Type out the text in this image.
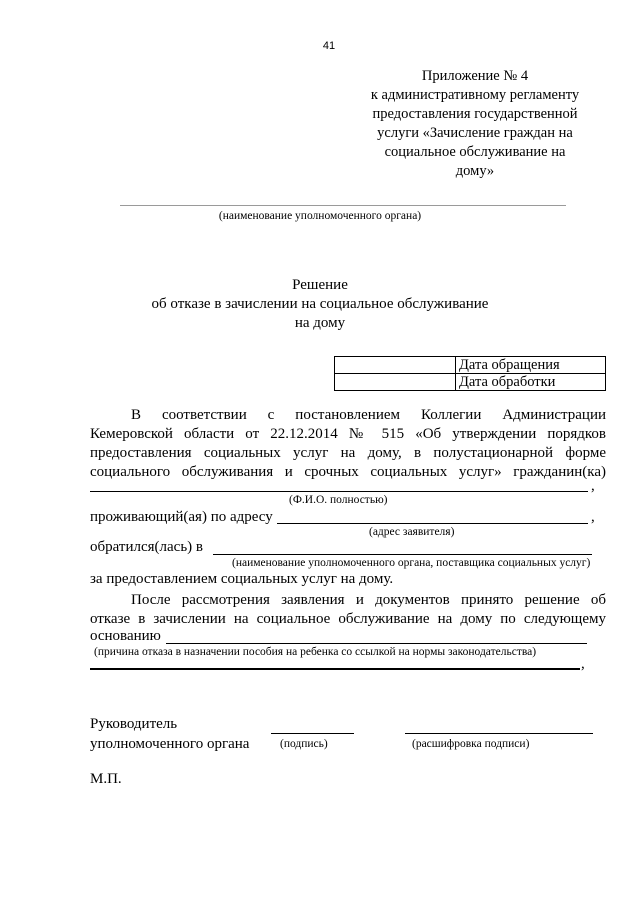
41
Приложение № 4
к административному регламенту
предоставления государственной
услуги «Зачисление граждан на
социальное обслуживание на
дому»
(наименование уполномоченного органа)
Решение
об отказе в зачислении на социальное обслуживание
на дому
	Дата обращения
	Дата обработки
В соответствии с постановлением Коллегии Администрации
Кемеровской области от 22.12.2014 № 515 «Об утверждении порядков
предоставления социальных услуг на дому, в полустационарной форме
социального обслуживания и срочных социальных услуг» гражданин(ка)
,
(Ф.И.О. полностью)
проживающий(ая) по адресу	,
(адрес заявителя)
обратился(лась) в
(наименование уполномоченного органа, поставщика социальных услуг)
за предоставлением социальных услуг на дому.
После рассмотрения заявления и документов принято решение об
отказе в зачислении на социальное обслуживание на дому по следующему
основанию
(причина отказа в назначении пособия на ребенка со ссылкой на нормы законодательства)
,
Руководитель
уполномоченного органа	(подпись)	(расшифровка подписи)
М.П.
